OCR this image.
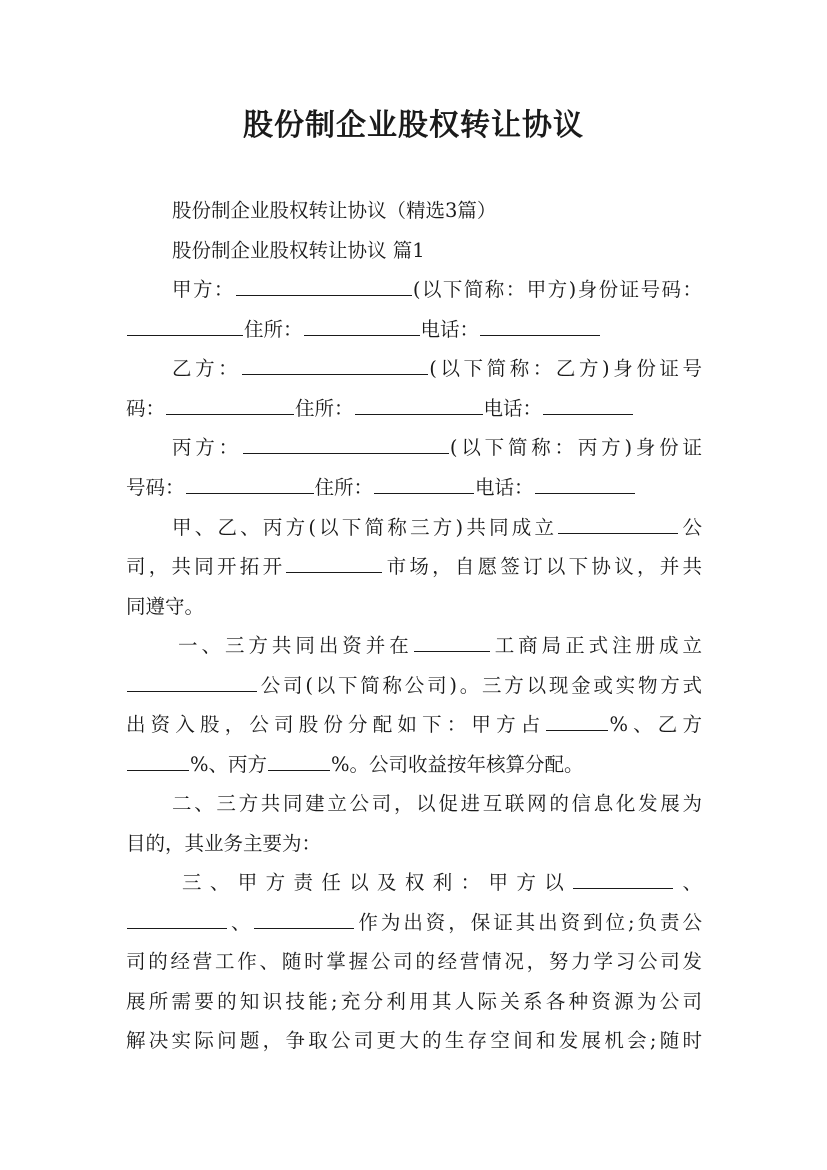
股份制企业股权转让协议
股份制企业股权转让协议（精选3篇）
股份制企业股权转让协议 篇1
甲方：	(以下简称：甲方)身份证号码：
住所：	电话：
乙方：	(以下简称：乙方)身份证号
码：	住所：	电话：
丙方：	(以下简称：丙方)身份证
号码：	住所：	电话：
甲、乙、丙方(以下简称三方)共同成立	公
司，共同开拓开	市场，自愿签订以下协议，并共
同遵守。
一、三方共同出资并在	工商局正式注册成立
公司(以下简称公司)。三方以现金或实物方式
出资入股，公司股份分配如下：甲方占	%、乙方
%、丙方	%。公司收益按年核算分配。
二、三方共同建立公司，以促进互联网的信息化发展为
目的，其业务主要为：
三、甲方责任以及权利：甲方以	、
、	作为出资，保证其出资到位;负责公
司的经营工作、随时掌握公司的经营情况，努力学习公司发
展所需要的知识技能;充分利用其人际关系各种资源为公司
解决实际问题，争取公司更大的生存空间和发展机会;随时
